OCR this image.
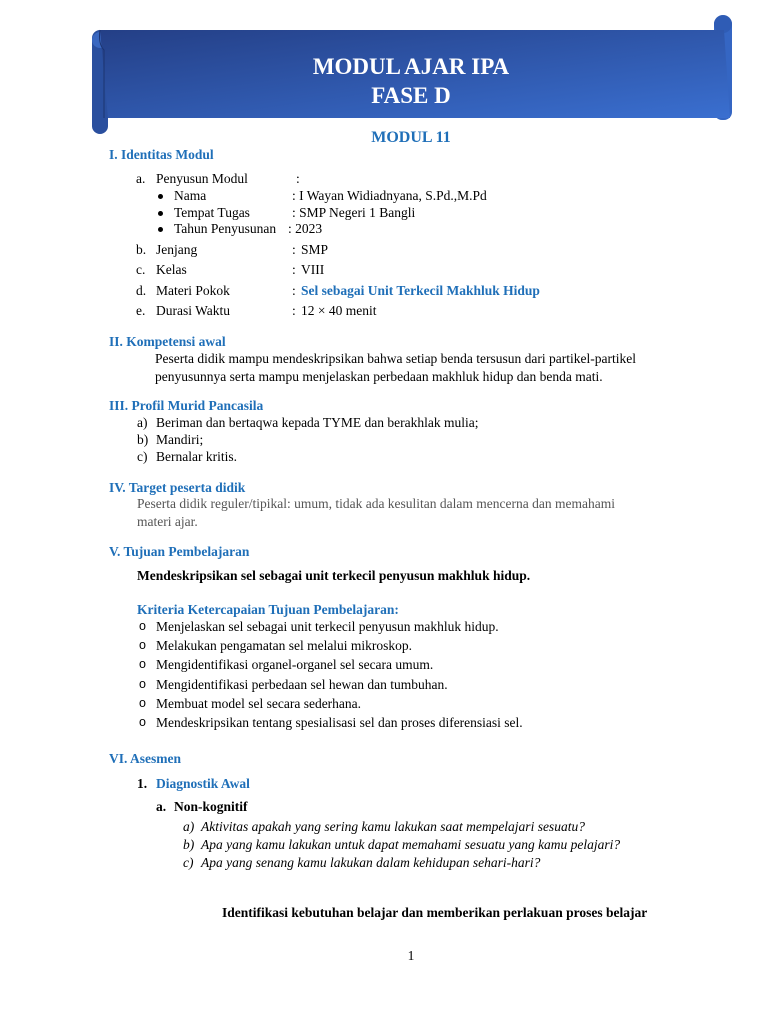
MODUL AJAR IPA
FASE D
MODUL 11
I. Identitas Modul
a. Penyusun Modul	:
Nama	: I Wayan Widiadnyana, S.Pd.,M.Pd
Tempat Tugas	: SMP Negeri 1 Bangli
Tahun Penyusunan : 2023
b. Jenjang	: SMP
c. Kelas	: VIII
d. Materi Pokok	: Sel sebagai Unit Terkecil Makhluk Hidup
e. Durasi Waktu	: 12 × 40 menit
II. Kompetensi awal
Peserta didik mampu mendeskripsikan bahwa setiap benda tersusun dari partikel-partikel
penyusunnya serta mampu menjelaskan perbedaan makhluk hidup dan benda mati.
III. Profil Murid Pancasila
a) Beriman dan bertaqwa kepada TYME dan berakhlak mulia;
b) Mandiri;
c) Bernalar kritis.
IV. Target peserta didik
Peserta didik reguler/tipikal: umum, tidak ada kesulitan dalam mencerna dan memahami
materi ajar.
V. Tujuan Pembelajaran
Mendeskripsikan sel sebagai unit terkecil penyusun makhluk hidup.
Kriteria Ketercapaian Tujuan Pembelajaran:
o Menjelaskan sel sebagai unit terkecil penyusun makhluk hidup.
o Melakukan pengamatan sel melalui mikroskop.
o Mengidentifikasi organel-organel sel secara umum.
o Mengidentifikasi perbedaan sel hewan dan tumbuhan.
o Membuat model sel secara sederhana.
o Mendeskripsikan tentang spesialisasi sel dan proses diferensiasi sel.
VI. Asesmen
1. Diagnostik Awal
a. Non-kognitif
a) Aktivitas apakah yang sering kamu lakukan saat mempelajari sesuatu?
b) Apa yang kamu lakukan untuk dapat memahami sesuatu yang kamu pelajari?
c) Apa yang senang kamu lakukan dalam kehidupan sehari-hari?
Identifikasi kebutuhan belajar dan memberikan perlakuan proses belajar
1
